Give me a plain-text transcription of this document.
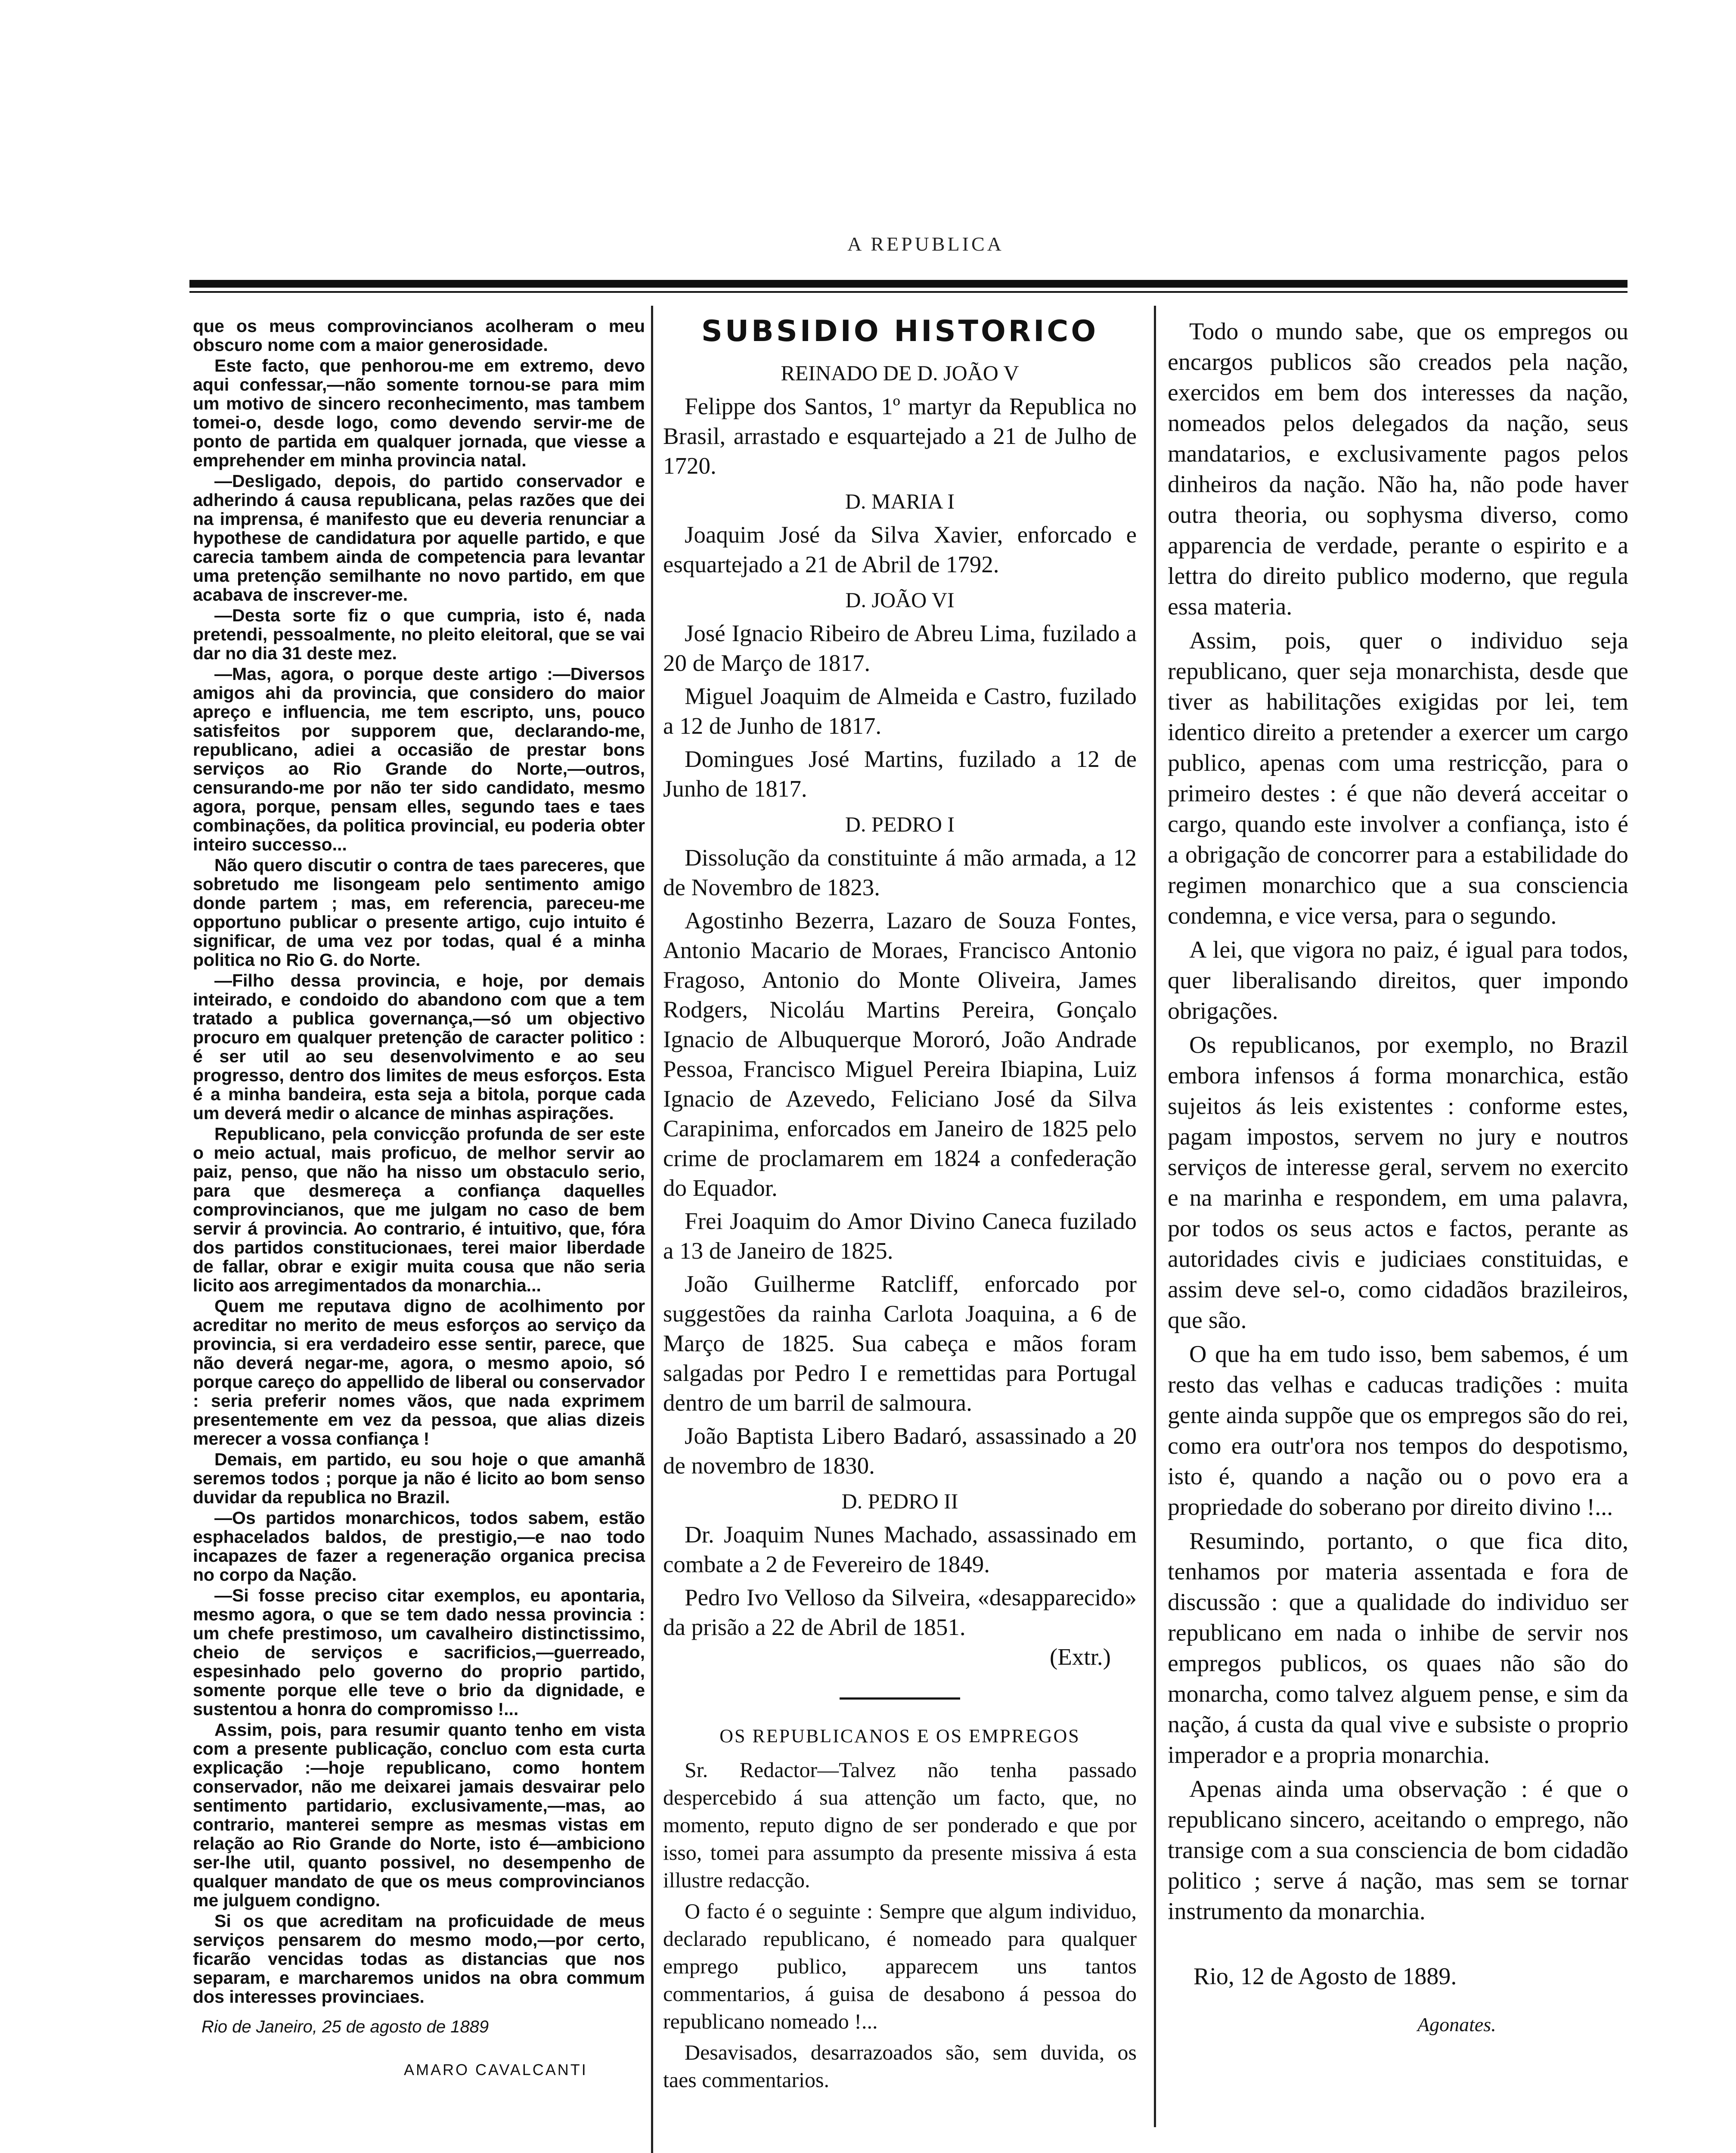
A REPUBLICA

que os meus comprovincianos acolheram o meu obscuro nome com a maior generosidade.

Este facto, que penhorou-me em extremo, devo aqui confessar,—não somente tornou-se para mim um motivo de sincero reconhecimento, mas tambem tomei-o, desde logo, como devendo servir-me de ponto de partida em qualquer jornada, que viesse a emprehender em minha provincia natal.

—Desligado, depois, do partido conservador e adherindo á causa republicana, pelas razões que dei na imprensa, é manifesto que eu deveria renunciar a hypothese de candidatura por aquelle partido, e que carecia tambem ainda de competencia para levantar uma pretenção semilhante no novo partido, em que acabava de inscrever-me.

—Desta sorte fiz o que cumpria, isto é, nada pretendi, pessoalmente, no pleito eleitoral, que se vai dar no dia 31 deste mez.

—Mas, agora, o porque deste artigo :—Diversos amigos ahi da provincia, que considero do maior apreço e influencia, me tem escripto, uns, pouco satisfeitos por supporem que, declarando-me, republicano, adiei a occasião de prestar bons serviços ao Rio Grande do Norte,—outros, censurando-me por não ter sido candidato, mesmo agora, porque, pensam elles, segundo taes e taes combinações, da politica provincial, eu poderia obter inteiro successo...

Não quero discutir o contra de taes pareceres, que sobretudo me lisongeam pelo sentimento amigo donde partem ; mas, em referencia, pareceu-me opportuno publicar o presente artigo, cujo intuito é significar, de uma vez por todas, qual é a minha politica no Rio G. do Norte.

—Filho dessa provincia, e hoje, por demais inteirado, e condoido do abandono com que a tem tratado a publica governança,—só um objectivo procuro em qualquer pretenção de caracter politico : é ser util ao seu desenvolvimento e ao seu progresso, dentro dos limites de meus esforços. Esta é a minha bandeira, esta seja a bitola, porque cada um deverá medir o alcance de minhas aspirações.

Republicano, pela convicção profunda de ser este o meio actual, mais proficuo, de melhor servir ao paiz, penso, que não ha nisso um obstaculo serio, para que desmereça a confiança daquelles comprovincianos, que me julgam no caso de bem servir á provincia. Ao contrario, é intuitivo, que, fóra dos partidos constitucionaes, terei maior liberdade de fallar, obrar e exigir muita cousa que não seria licito aos arregimentados da monarchia...

Quem me reputava digno de acolhimento por acreditar no merito de meus esforços ao serviço da provincia, si era verdadeiro esse sentir, parece, que não deverá negar-me, agora, o mesmo apoio, só porque careço do appellido de liberal ou conservador : seria preferir nomes vãos, que nada exprimem presentemente em vez da pessoa, que alias dizeis merecer a vossa confiança !

Demais, em partido, eu sou hoje o que amanhã seremos todos ; porque ja não é licito ao bom senso duvidar da republica no Brazil.

—Os partidos monarchicos, todos sabem, estão esphacelados baldos, de prestigio,—e nao todo incapazes de fazer a regeneração organica precisa no corpo da Nação.

—Si fosse preciso citar exemplos, eu apontaria, mesmo agora, o que se tem dado nessa provincia : um chefe prestimoso, um cavalheiro distinctissimo, cheio de serviços e sacrificios,—guerreado, espesinhado pelo governo do proprio partido, somente porque elle teve o brio da dignidade, e sustentou a honra do compromisso !...

Assim, pois, para resumir quanto tenho em vista com a presente publicação, concluo com esta curta explicação :—hoje republicano, como hontem conservador, não me deixarei jamais desvairar pelo sentimento partidario, exclusivamente,—mas, ao contrario, manterei sempre as mesmas vistas em relação ao Rio Grande do Norte, isto é—ambiciono ser-lhe util, quanto possivel, no desempenho de qualquer mandato de que os meus comprovincianos me julguem condigno.

Si os que acreditam na proficuidade de meus serviços pensarem do mesmo modo,—por certo, ficarão vencidas todas as distancias que nos separam, e marcharemos unidos na obra commum dos interesses provinciaes.

Rio de Janeiro, 25 de agosto de 1889
AMARO CAVALCANTI
SUBSIDIO HISTORICO
REINADO DE D. JOÃO V

Felippe dos Santos, 1º martyr da Republica no Brasil, arrastado e esquartejado a 21 de Julho de 1720.

D. MARIA I

Joaquim José da Silva Xavier, enforcado e esquartejado a 21 de Abril de 1792.

D. JOÃO VI

José Ignacio Ribeiro de Abreu Lima, fuzilado a 20 de Março de 1817.

Miguel Joaquim de Almeida e Castro, fuzilado a 12 de Junho de 1817.

Domingues José Martins, fuzilado a 12 de Junho de 1817.

D. PEDRO I

Dissolução da constituinte á mão armada, a 12 de Novembro de 1823.

Agostinho Bezerra, Lazaro de Souza Fontes, Antonio Macario de Moraes, Francisco Antonio Fragoso, Antonio do Monte Oliveira, James Rodgers, Nicoláu Martins Pereira, Gonçalo Ignacio de Albuquerque Mororó, João Andrade Pessoa, Francisco Miguel Pereira Ibiapina, Luiz Ignacio de Azevedo, Feliciano José da Silva Carapinima, enforcados em Janeiro de 1825 pelo crime de proclamarem em 1824 a confederação do Equador.

Frei Joaquim do Amor Divino Caneca fuzilado a 13 de Janeiro de 1825.

João Guilherme Ratcliff, enforcado por suggestões da rainha Carlota Joaquina, a 6 de Março de 1825. Sua cabeça e mãos foram salgadas por Pedro I e remettidas para Portugal dentro de um barril de salmoura.

João Baptista Libero Badaró, assassinado a 20 de novembro de 1830.

D. PEDRO II

Dr. Joaquim Nunes Machado, assassinado em combate a 2 de Fevereiro de 1849.

Pedro Ivo Velloso da Silveira, «desapparecido» da prisão a 22 de Abril de 1851.

(Extr.)
OS REPUBLICANOS E OS EMPREGOS

Sr. Redactor—Talvez não tenha passado despercebido á sua attenção um facto, que, no momento, reputo digno de ser ponderado e que por isso, tomei para assumpto da presente missiva á esta illustre redacção.

O facto é o seguinte : Sempre que algum individuo, declarado republicano, é nomeado para qualquer emprego publico, apparecem uns tantos commentarios, á guisa de desabono á pessoa do republicano nomeado !...

Desavisados, desarrazoados são, sem duvida, os taes commentarios.

Todo o mundo sabe, que os empregos ou encargos publicos são creados pela nação, exercidos em bem dos interesses da nação, nomeados pelos delegados da nação, seus mandatarios, e exclusivamente pagos pelos dinheiros da nação. Não ha, não pode haver outra theoria, ou sophysma diverso, como apparencia de verdade, perante o espirito e a lettra do direito publico moderno, que regula essa materia.

Assim, pois, quer o individuo seja republicano, quer seja monarchista, desde que tiver as habilitações exigidas por lei, tem identico direito a pretender a exercer um cargo publico, apenas com uma restricção, para o primeiro destes : é que não deverá acceitar o cargo, quando este involver a confiança, isto é a obrigação de concorrer para a estabilidade do regimen monarchico que a sua consciencia condemna, e vice versa, para o segundo.

A lei, que vigora no paiz, é igual para todos, quer liberalisando direitos, quer impondo obrigações.

Os republicanos, por exemplo, no Brazil embora infensos á forma monarchica, estão sujeitos ás leis existentes : conforme estes, pagam impostos, servem no jury e noutros serviços de interesse geral, servem no exercito e na marinha e respondem, em uma palavra, por todos os seus actos e factos, perante as autoridades civis e judiciaes constituidas, e assim deve sel-o, como cidadãos brazileiros, que são.

O que ha em tudo isso, bem sabemos, é um resto das velhas e caducas tradições : muita gente ainda suppõe que os empregos são do rei, como era outr'ora nos tempos do despotismo, isto é, quando a nação ou o povo era a propriedade do soberano por direito divino !...

Resumindo, portanto, o que fica dito, tenhamos por materia assentada e fora de discussão : que a qualidade do individuo ser republicano em nada o inhibe de servir nos empregos publicos, os quaes não são do monarcha, como talvez alguem pense, e sim da nação, á custa da qual vive e subsiste o proprio imperador e a propria monarchia.

Apenas ainda uma observação : é que o republicano sincero, aceitando o emprego, não transige com a sua consciencia de bom cidadão politico ; serve á nação, mas sem se tornar instrumento da monarchia.

Rio, 12 de Agosto de 1889.
Agonates.
